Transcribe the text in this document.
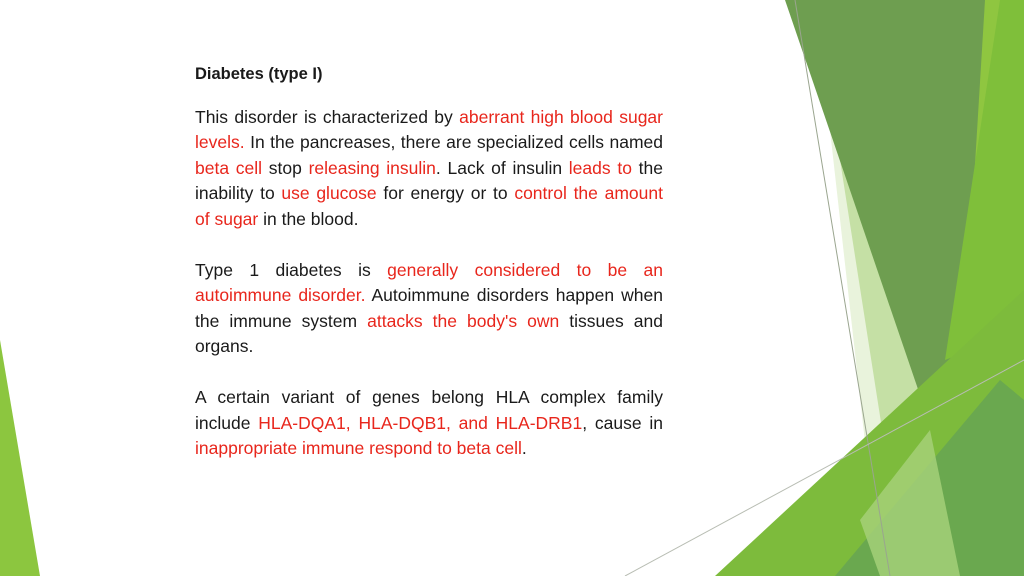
Diabetes (type I)
This disorder is characterized by aberrant high blood sugar levels. In the pancreases, there are specialized cells named beta cell stop releasing insulin. Lack of insulin leads to the inability to use glucose for energy or to control the amount of sugar in the blood.
Type 1 diabetes is generally considered to be an autoimmune disorder. Autoimmune disorders happen when the immune system attacks the body's own tissues and organs.
A certain variant of genes belong HLA complex family include HLA-DQA1, HLA-DQB1, and HLA-DRB1, cause in inappropriate immune respond to beta cell.
